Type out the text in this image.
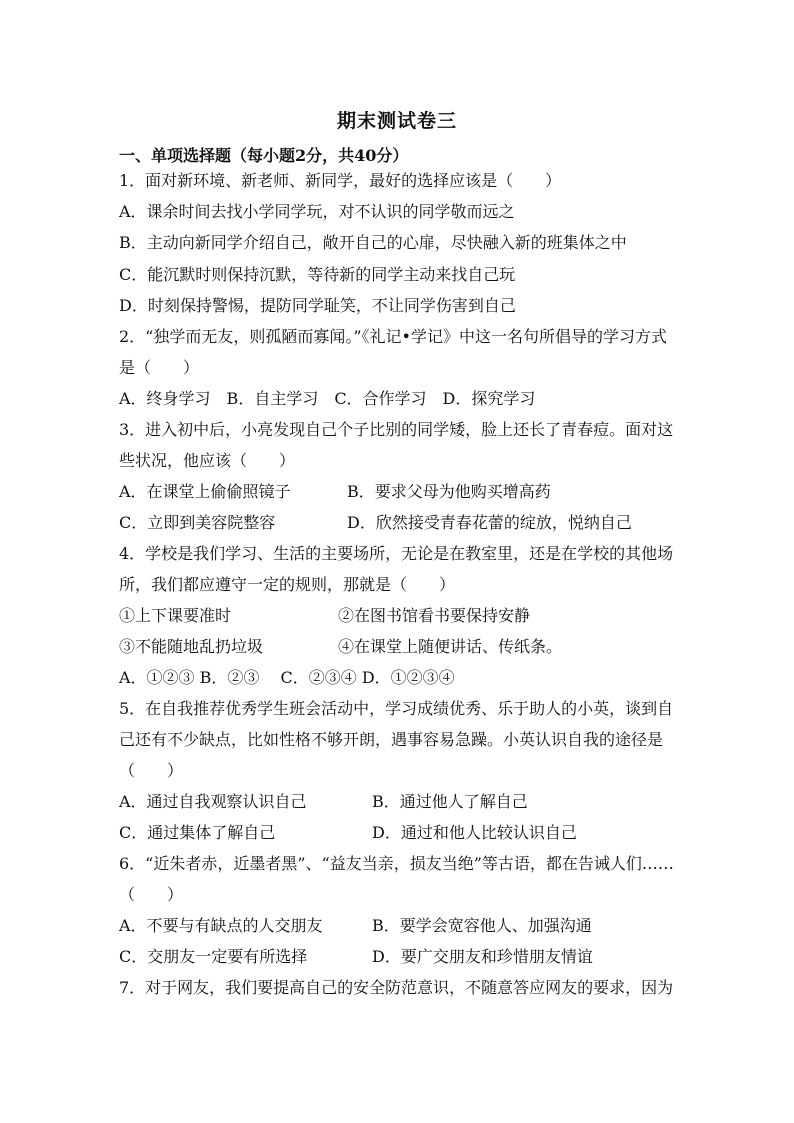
期末测试卷三
一、单项选择题（每小题2分，共40分）
1．面对新环境、新老师、新同学，最好的选择应该是（　　）
A．课余时间去找小学同学玩，对不认识的同学敬而远之
B．主动向新同学介绍自己，敞开自己的心扉，尽快融入新的班集体之中
C．能沉默时则保持沉默，等待新的同学主动来找自己玩
D．时刻保持警惕，提防同学耻笑，不让同学伤害到自己
2．“独学而无友，则孤陋而寡闻。”《礼记•学记》中这一名句所倡导的学习方式
是（　　）
A．终身学习　B．自主学习　C．合作学习　D．探究学习
3．进入初中后，小亮发现自己个子比别的同学矮，脸上还长了青春痘。面对这
些状况，他应该（　　）
A．在课堂上偷偷照镜子	B．要求父母为他购买增高药
C．立即到美容院整容	D．欣然接受青春花蕾的绽放，悦纳自己
4．学校是我们学习、生活的主要场所，无论是在教室里，还是在学校的其他场
所，我们都应遵守一定的规则，那就是（　　）
①上下课要准时	②在图书馆看书要保持安静
③不能随地乱扔垃圾	④在课堂上随便讲话、传纸条。
A．①②③ B．②③　 C．②③④ D．①②③④
5．在自我推荐优秀学生班会活动中，学习成绩优秀、乐于助人的小英，谈到自
己还有不少缺点，比如性格不够开朗，遇事容易急躁。小英认识自我的途径是
（　　）
A．通过自我观察认识自己	B．通过他人了解自己
C．通过集体了解自己	D．通过和他人比较认识自己
6．“近朱者赤，近墨者黑”、“益友当亲，损友当绝”等古语，都在告诫人们……
（　　）
A．不要与有缺点的人交朋友	B．要学会宽容他人、加强沟通
C．交朋友一定要有所选择	D．要广交朋友和珍惜朋友情谊
7．对于网友，我们要提高自己的安全防范意识，不随意答应网友的要求，因为
